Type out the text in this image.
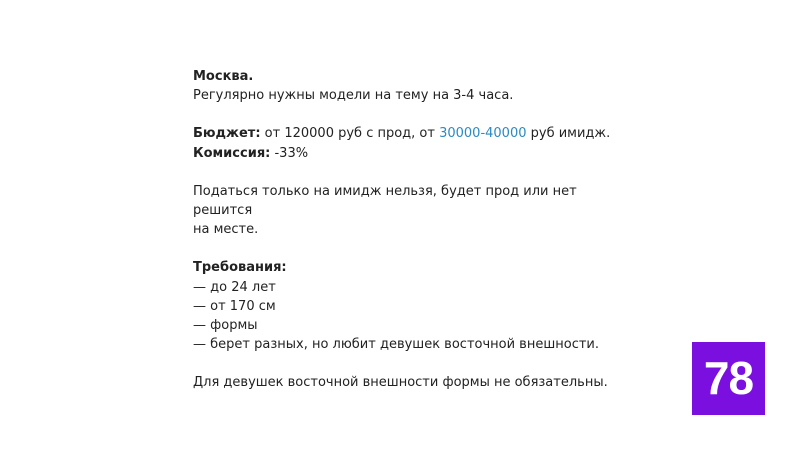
Москва.

Регулярно нужны модели на тему на 3-4 часа.

Бюджет: от 120000 руб с прод, от 30000-40000 руб имидж.

Комиссия: -33%

Податься только на имидж нельзя, будет прод или нет решится

на месте.

Требования:

— до 24 лет

— от 170 см

— формы

— берет разных, но любит девушек восточной внешности.

Для девушек восточной внешности формы не обязательны.	78
